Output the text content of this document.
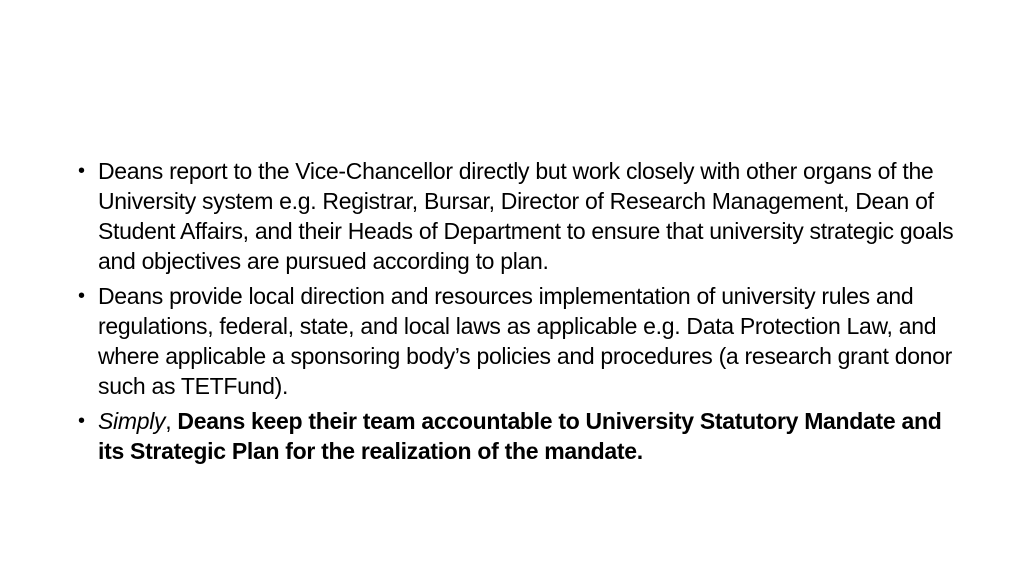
• Deans report to the Vice-Chancellor directly but work closely with other organs of the University system e.g. Registrar, Bursar, Director of Research Management, Dean of Student Affairs, and their Heads of Department to ensure that university strategic goals and objectives are pursued according to plan.
• Deans provide local direction and resources implementation of university rules and regulations, federal, state, and local laws as applicable e.g. Data Protection Law, and where applicable a sponsoring body’s policies and procedures (a research grant donor such as TETFund).
• Simply, Deans keep their team accountable to University Statutory Mandate and its Strategic Plan for the realization of the mandate.
